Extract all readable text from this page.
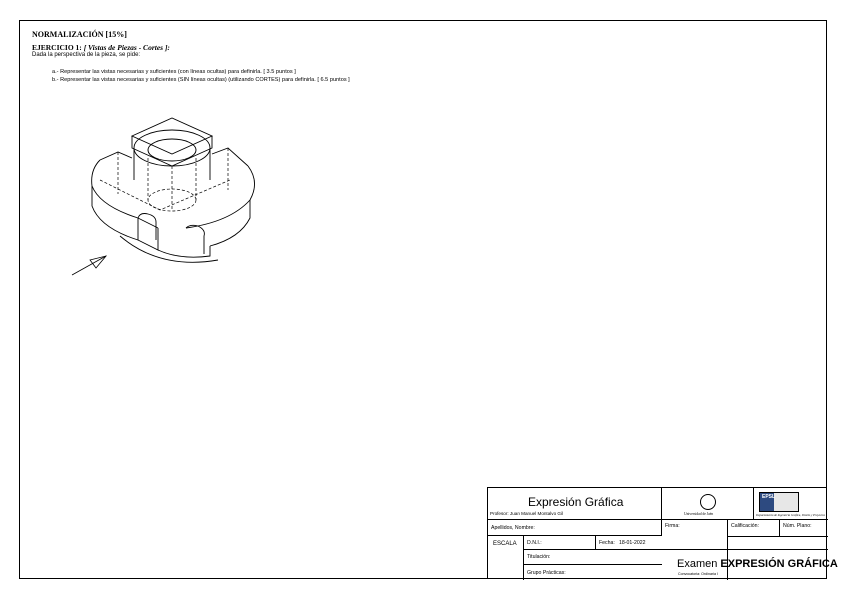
NORMALIZACIÓN [15%]
EJERCICIO 1: [ Vistas de Piezas - Cortes ]:
Dada la perspectiva de la pieza, se pide:
a.- Representar las vistas necesarias y suficientes (con líneas ocultas) para definirla. [ 3.5 puntos ]
b.- Representar las vistas necesarias y suficientes (SIN líneas ocultas) (utilizando CORTES) para definirla. [ 6.5 puntos ]
Expresión Gráfica
Profesor: Juan Manuel Montalvo Gil	Universidad de Jaén
EPSL
Departamento de Ingeniería Gráfica, Diseño y Proyectos
Apellidos, Nombre:	Firma:	Calificación:	Núm. Plano:
ESCALA D.N.I.:	Fecha: 18-01-2022
Titulación:
Grupo Prácticas:
Examen EXPRESIÓN GRÁFICA
Convocatoria: Ordinaria I
